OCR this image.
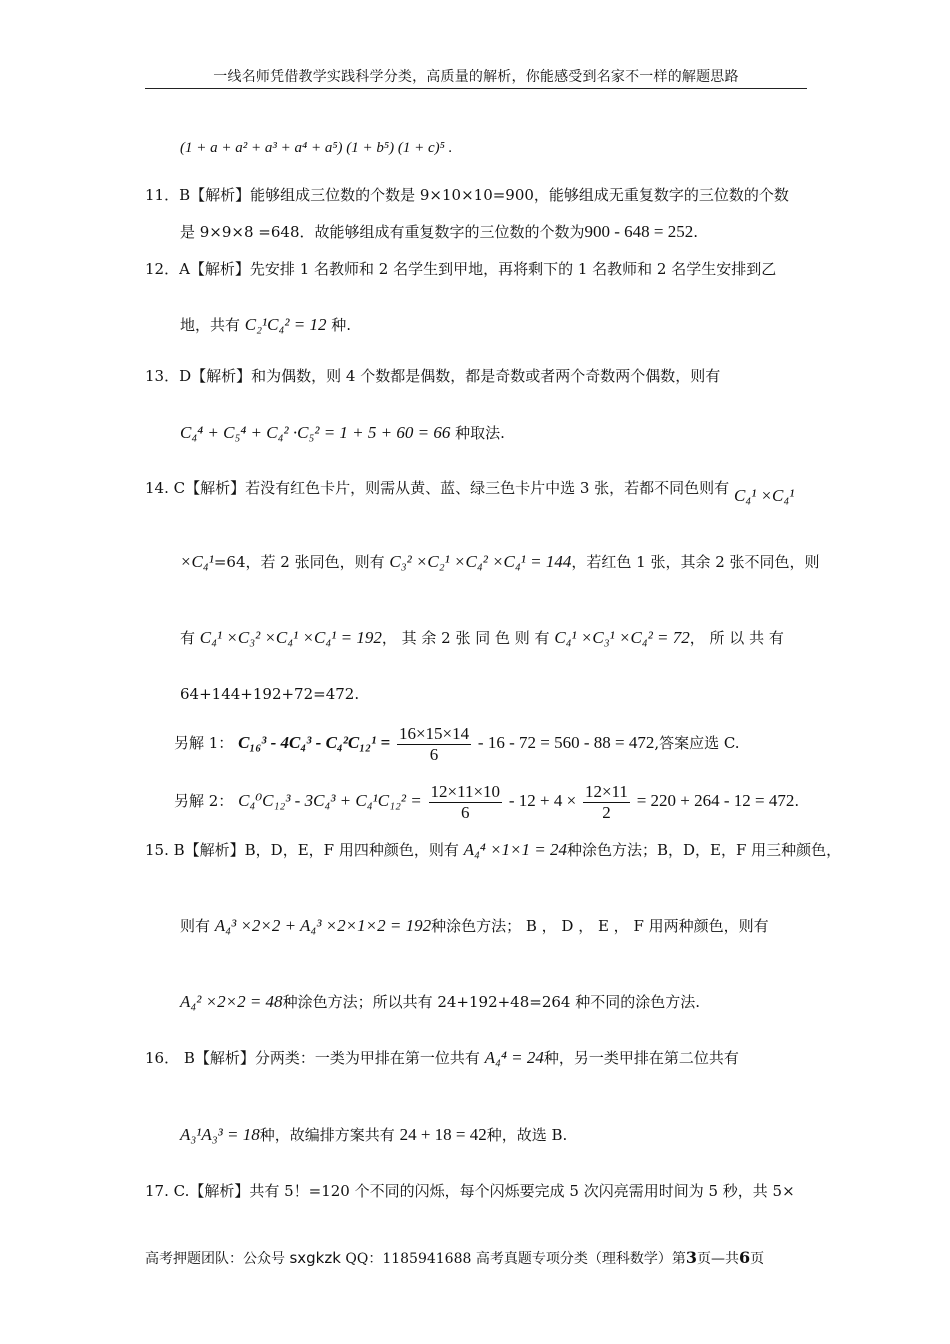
一线名师凭借教学实践科学分类，高质量的解析，你能感受到名家不一样的解题思路
(1 + a + a² + a³ + a⁴ + a⁵) (1 + b⁵) (1 + c)⁵ .
11．B【解析】能够组成三位数的个数是 9×10×10=900，能够组成无重复数字的三位数的个数
是 9×9×8 =648．故能够组成有重复数字的三位数的个数为900 - 648 = 252.
12．A【解析】先安排 1 名教师和 2 名学生到甲地，再将剩下的 1 名教师和 2 名学生安排到乙
地，共有 C₂¹C₄² = 12 种.
13．D【解析】和为偶数，则 4 个数都是偶数，都是奇数或者两个奇数两个偶数，则有
C₄⁴ + C₅⁴ + C₄² ·C₅² = 1 + 5 + 60 = 66 种取法.
14. C【解析】若没有红色卡片，则需从黄、蓝、绿三色卡片中选 3 张，若都不同色则有 C₄¹ ×C₄¹
×C₄¹=64，若 2 张同色，则有 C₃² ×C₂¹ ×C₄² ×C₄¹ = 144，若红色 1 张，其余 2 张不同色，则
有 C₄¹ ×C₃² ×C₄¹ ×C₄¹ = 192， 其 余 2 张 同 色 则 有 C₄¹ ×C₃¹ ×C₄² = 72， 所 以 共 有
64+144+192+72=472.
另解 1： $C_{16}^3 - 4C_4^3 - C_4^2C_{12}^1 = \frac{16\times 15\times 14}{6} - 16 - 72 = 560 - 88 = 472$,答案应选 C.
另解 2： $C_4^0C_{12}^3 - 3C_4^3 + C_4^1C_{12}^2 = \frac{12\times 11\times 10}{6} - 12 + 4 \times \frac{12\times 11}{2} = 220 + 264 - 12 = 472$.
15. B【解析】B，D，E，F 用四种颜色，则有 A₄⁴ ×1×1 = 24种涂色方法；B，D，E，F 用三种颜色，
则有 A₄³ ×2×2 + A₄³ ×2×1×2 = 192种涂色方法； B ， D ， E ， F 用两种颜色，则有
A₄² ×2×2 = 48种涂色方法；所以共有 24+192+48=264 种不同的涂色方法.
16． B【解析】分两类：一类为甲排在第一位共有 A₄⁴ = 24种，另一类甲排在第二位共有
A₃¹A₃³ = 18种，故编排方案共有 24 + 18 = 42种，故选 B.
17. C.【解析】共有 5！=120 个不同的闪烁，每个闪烁要完成 5 次闪亮需用时间为 5 秒，共 5×
高考押题团队：公众号 sxgkzk QQ：1185941688 高考真题专项分类（理科数学）第3页—共6页
